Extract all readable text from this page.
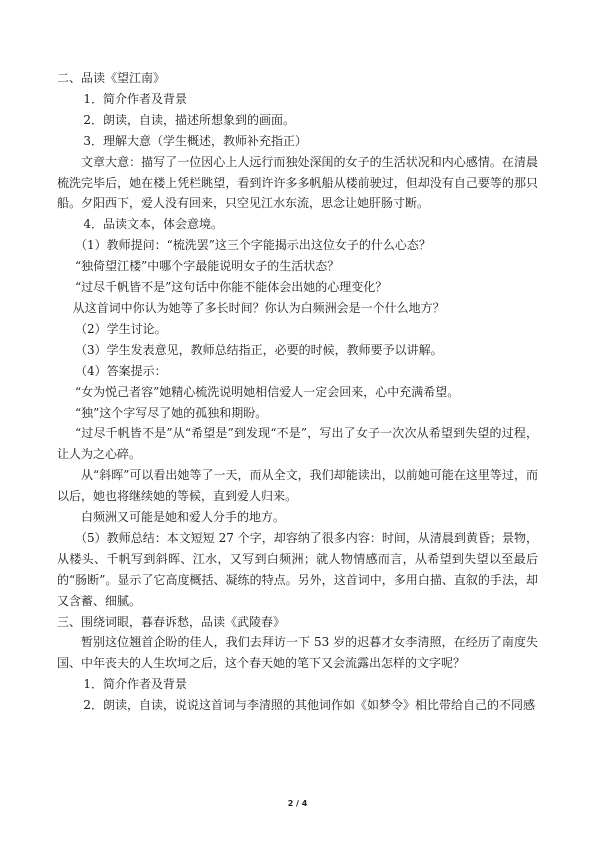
二、品读《望江南》

1．简介作者及背景

2．朗读，自读，描述所想象到的画面。

3．理解大意（学生概述，教师补充指正）

文章大意：描写了一位因心上人远行而独处深闺的女子的生活状况和内心感情。在清晨梳洗完毕后，她在楼上凭栏眺望，看到许许多多帆船从楼前驶过，但却没有自己要等的那只船。夕阳西下，爱人没有回来，只空见江水东流，思念让她肝肠寸断。

4．品读文本，体会意境。

（1）教师提问：“梳洗罢”这三个字能揭示出这位女子的什么心态？

“独倚望江楼”中哪个字最能说明女子的生活状态？

“过尽千帆皆不是”这句话中你能不能体会出她的心理变化？

从这首词中你认为她等了多长时间？你认为白频洲会是一个什么地方？

（2）学生讨论。

（3）学生发表意见，教师总结指正，必要的时候，教师要予以讲解。

（4）答案提示：

“女为悦己者容”她精心梳洗说明她相信爱人一定会回来，心中充满希望。

“独”这个字写尽了她的孤独和期盼。

“过尽千帆皆不是”从“希望是”到发现“不是”，写出了女子一次次从希望到失望的过程，让人为之心碎。

从“斜晖”可以看出她等了一天，而从全文，我们却能读出，以前她可能在这里等过，而以后，她也将继续她的等候，直到爱人归来。

白频洲又可能是她和爱人分手的地方。

（5）教师总结：本文短短 27 个字，却容纳了很多内容：时间，从清晨到黄昏；景物，从楼头、千帆写到斜晖、江水，又写到白频洲；就人物情感而言，从希望到失望以至最后的“肠断”。显示了它高度概括、凝练的特点。另外，这首词中，多用白描、直叙的手法，却又含蓄、细腻。

三、围绕词眼，暮春诉愁，品读《武陵春》

暂别这位翘首企盼的佳人，我们去拜访一下 53 岁的迟暮才女李清照，在经历了南度失国、中年丧夫的人生坎坷之后，这个春天她的笔下又会流露出怎样的文字呢？

1．简介作者及背景

2．朗读，自读，说说这首词与李清照的其他词作如《如梦令》相比带给自己的不同感

2 / 4
